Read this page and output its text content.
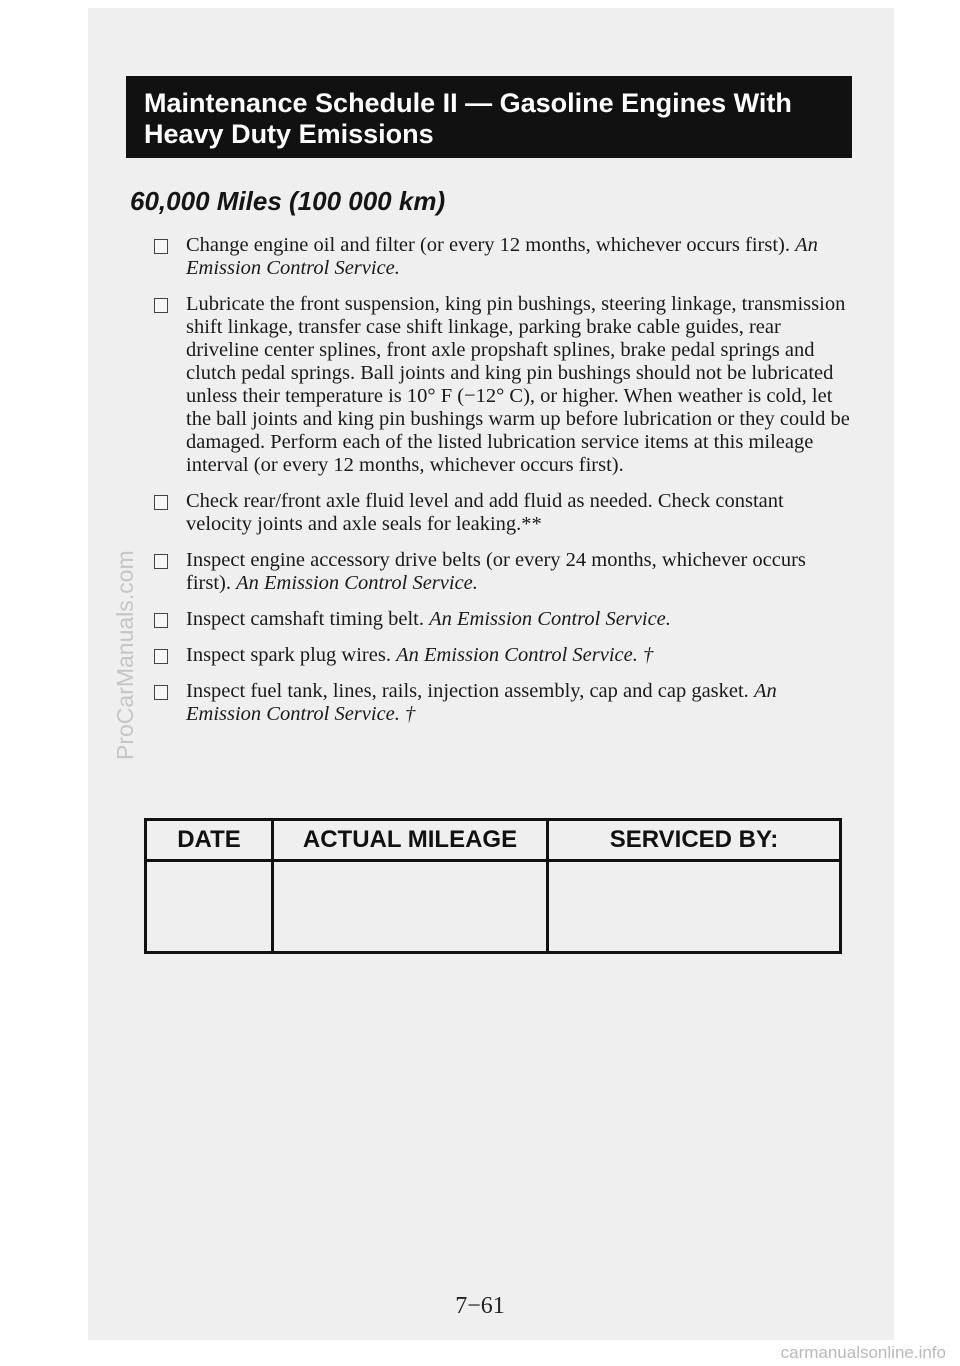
Maintenance Schedule II — Gasoline Engines With
Heavy Duty Emissions
60,000 Miles (100 000 km)
Change engine oil and filter (or every 12 months, whichever occurs first). An Emission Control Service.
Lubricate the front suspension, king pin bushings, steering linkage, transmission shift linkage, transfer case shift linkage, parking brake cable guides, rear driveline center splines, front axle propshaft splines, brake pedal springs and clutch pedal springs. Ball joints and king pin bushings should not be lubricated unless their temperature is 10° F (−12° C), or higher. When weather is cold, let the ball joints and king pin bushings warm up before lubrication or they could be damaged. Perform each of the listed lubrication service items at this mileage interval (or every 12 months, whichever occurs first).
Check rear/front axle fluid level and add fluid as needed. Check constant velocity joints and axle seals for leaking.**
Inspect engine accessory drive belts (or every 24 months, whichever occurs first). An Emission Control Service.
Inspect camshaft timing belt. An Emission Control Service.
Inspect spark plug wires. An Emission Control Service. †
Inspect fuel tank, lines, rails, injection assembly, cap and cap gasket. An Emission Control Service. †
DATE	ACTUAL MILEAGE	SERVICED BY:

7−61
ProCarManuals.com
carmanualsonline.info
